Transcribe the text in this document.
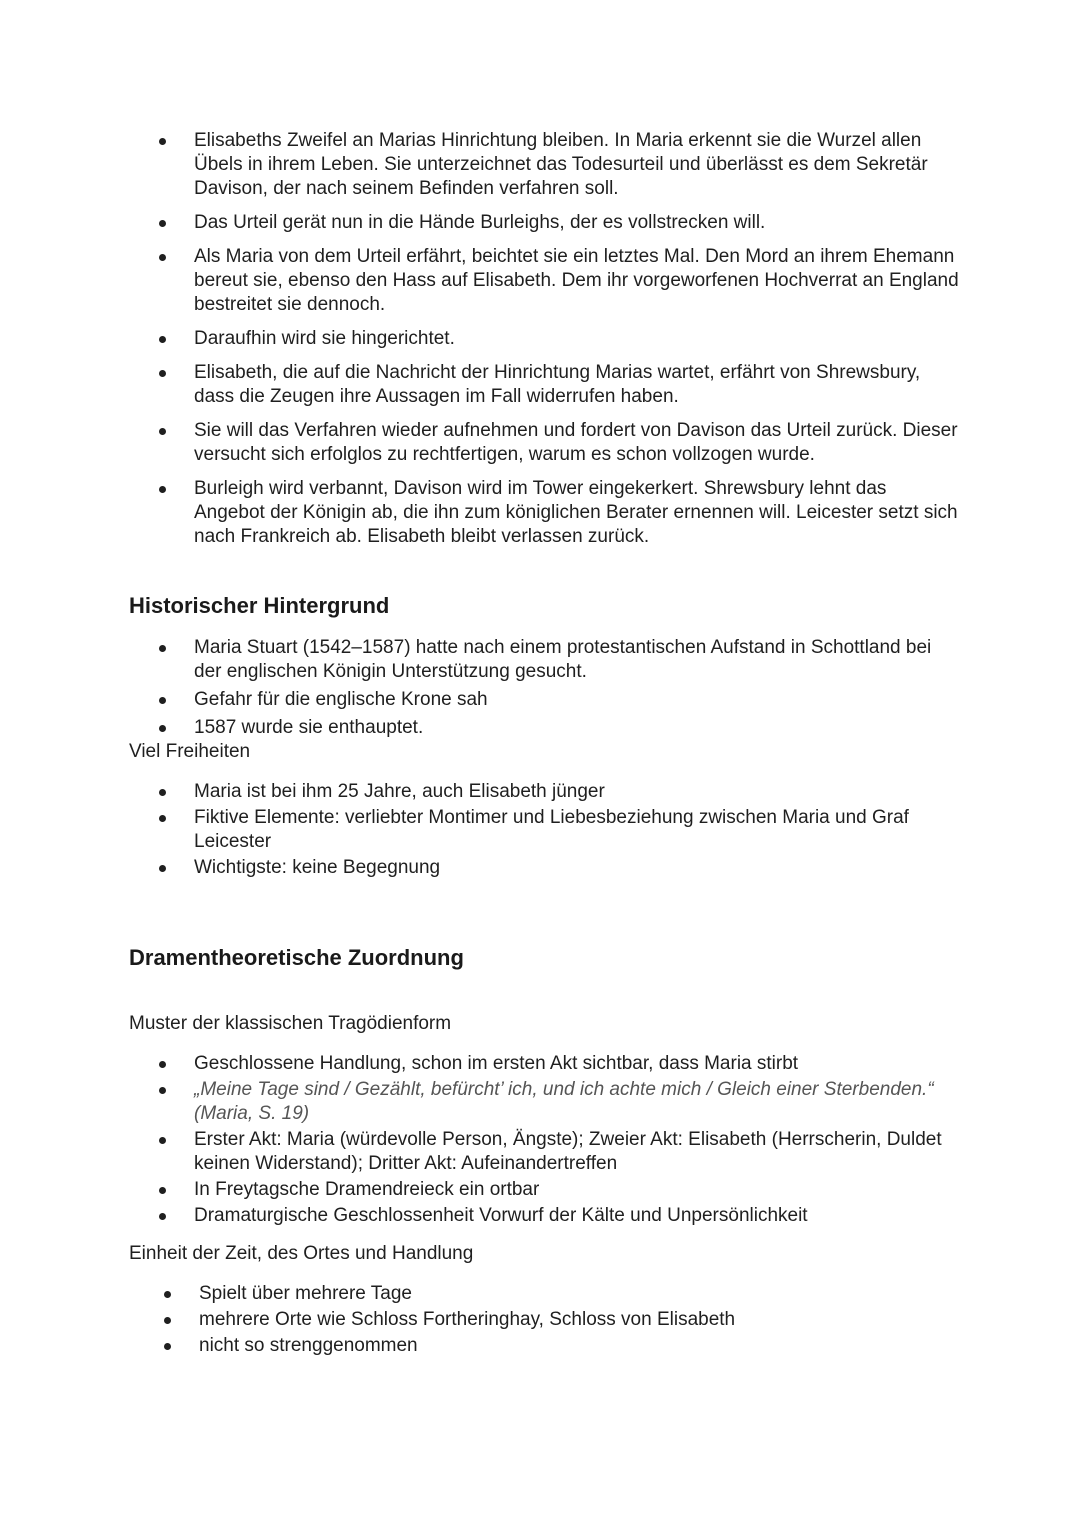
Elisabeths Zweifel an Marias Hinrichtung bleiben. In Maria erkennt sie die Wurzel allen Übels in ihrem Leben. Sie unterzeichnet das Todesurteil und überlässt es dem Sekretär Davison, der nach seinem Befinden verfahren soll.
Das Urteil gerät nun in die Hände Burleighs, der es vollstrecken will.
Als Maria von dem Urteil erfährt, beichtet sie ein letztes Mal. Den Mord an ihrem Ehemann bereut sie, ebenso den Hass auf Elisabeth. Dem ihr vorgeworfenen Hochverrat an England bestreitet sie dennoch.
Daraufhin wird sie hingerichtet.
Elisabeth, die auf die Nachricht der Hinrichtung Marias wartet, erfährt von Shrewsbury, dass die Zeugen ihre Aussagen im Fall widerrufen haben.
Sie will das Verfahren wieder aufnehmen und fordert von Davison das Urteil zurück. Dieser versucht sich erfolglos zu rechtfertigen, warum es schon vollzogen wurde.
Burleigh wird verbannt, Davison wird im Tower eingekerkert. Shrewsbury lehnt das Angebot der Königin ab, die ihn zum königlichen Berater ernennen will. Leicester setzt sich nach Frankreich ab. Elisabeth bleibt verlassen zurück.
Historischer Hintergrund
Maria Stuart (1542–1587) hatte nach einem protestantischen Aufstand in Schottland bei der englischen Königin Unterstützung gesucht.
Gefahr für die englische Krone sah
1587 wurde sie enthauptet.

Viel Freiheiten

Maria ist bei ihm 25 Jahre, auch Elisabeth jünger
Fiktive Elemente: verliebter Montimer und Liebesbeziehung zwischen Maria und Graf Leicester
Wichtigste: keine Begegnung
Dramentheoretische Zuordnung

Muster der klassischen Tragödienform

Geschlossene Handlung, schon im ersten Akt sichtbar, dass Maria stirbt
„Meine Tage sind / Gezählt, befürcht’ ich, und ich achte mich / Gleich einer Sterbenden.“ (Maria, S. 19)
Erster Akt: Maria (würdevolle Person, Ängste); Zweier Akt: Elisabeth (Herrscherin, Duldet keinen Widerstand); Dritter Akt: Aufeinandertreffen
In Freytagsche Dramendreieck ein ortbar
Dramaturgische Geschlossenheit Vorwurf der Kälte und Unpersönlichkeit

Einheit der Zeit, des Ortes und Handlung

Spielt über mehrere Tage
mehrere Orte wie Schloss Fortheringhay, Schloss von Elisabeth
nicht so strenggenommen
